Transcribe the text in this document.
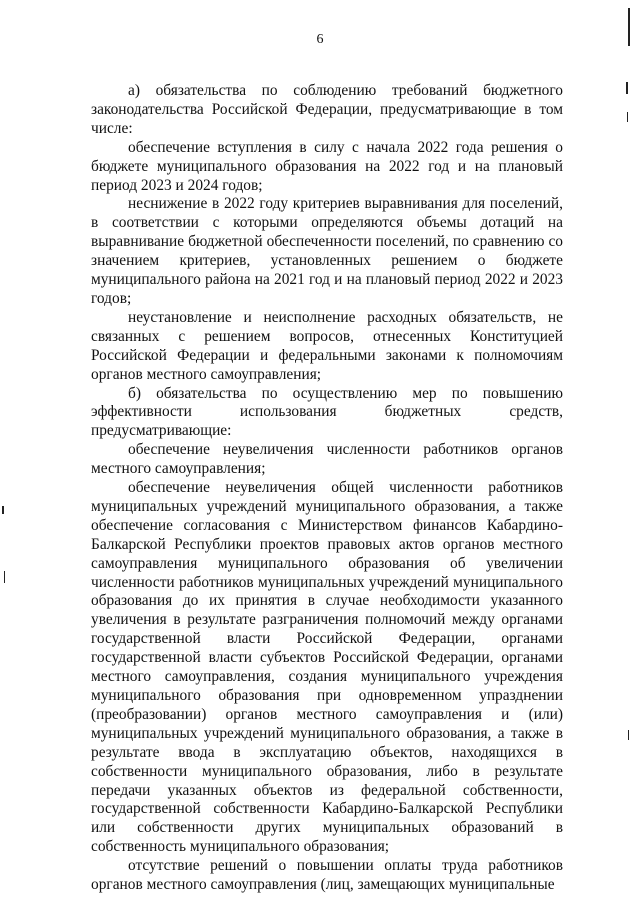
6

а) обязательства по соблюдению требований бюджетного законодательства Российской Федерации, предусматривающие в том числе:

обеспечение вступления в силу с начала 2022 года решения о бюджете муниципального образования на 2022 год и на плановый период 2023 и 2024 годов;

неснижение в 2022 году критериев выравнивания для поселений, в соответствии с которыми определяются объемы дотаций на выравнивание бюджетной обеспеченности поселений, по сравнению со значением критериев, установленных решением о бюджете муниципального района на 2021 год и на плановый период 2022 и 2023 годов;

неустановление и неисполнение расходных обязательств, не связанных с решением вопросов, отнесенных Конституцией Российской Федерации и федеральными законами к полномочиям органов местного самоуправления;

б) обязательства по осуществлению мер по повышению эффективности использования бюджетных средств, предусматривающие:

обеспечение неувеличения численности работников органов местного самоуправления;

обеспечение неувеличения общей численности работников муниципальных учреждений муниципального образования, а также обеспечение согласования с Министерством финансов Кабардино-Балкарской Республики проектов правовых актов органов местного самоуправления муниципального образования об увеличении численности работников муниципальных учреждений муниципального образования до их принятия в случае необходимости указанного увеличения в результате разграничения полномочий между органами государственной власти Российской Федерации, органами государственной власти субъектов Российской Федерации, органами местного самоуправления, создания муниципального учреждения муниципального образования при одновременном упразднении (преобразовании) органов местного самоуправления и (или) муниципальных учреждений муниципального образования, а также в результате ввода в эксплуатацию объектов, находящихся в собственности муниципального образования, либо в результате передачи указанных объектов из федеральной собственности, государственной собственности Кабардино-Балкарской Республики или собственности других муниципальных образований в собственность муниципального образования;

отсутствие решений о повышении оплаты труда работников органов местного самоуправления (лиц, замещающих муниципальные
